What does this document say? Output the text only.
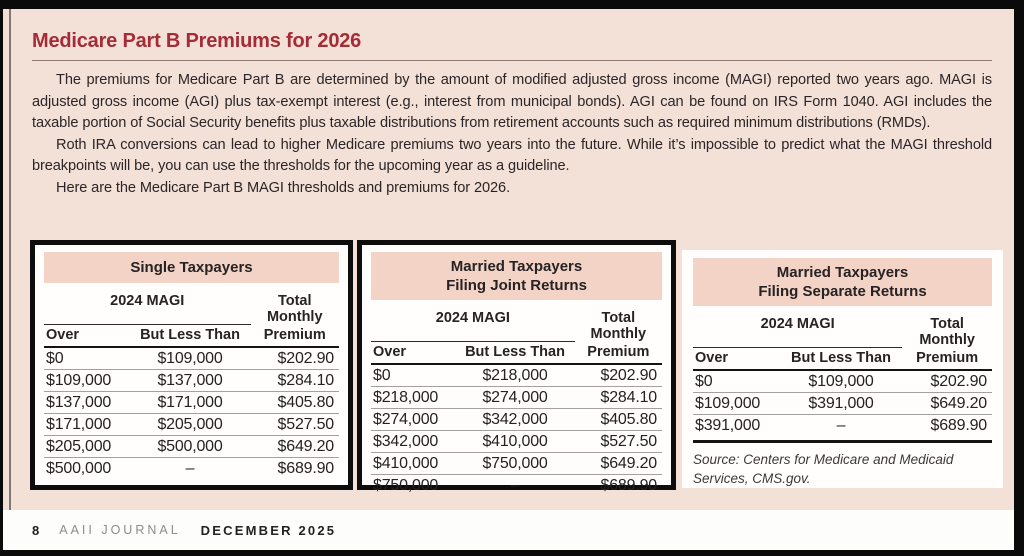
Medicare Part B Premiums for 2026

The premiums for Medicare Part B are determined by the amount of modified adjusted gross income (MAGI) reported two years ago. MAGI is adjusted gross income (AGI) plus tax-exempt interest (e.g., interest from municipal bonds). AGI can be found on IRS Form 1040. AGI includes the taxable portion of Social Security benefits plus taxable distributions from retirement accounts such as required minimum distributions (RMDs).

Roth IRA conversions can lead to higher Medicare premiums two years into the future. While it’s impossible to predict what the MAGI threshold breakpoints will be, you can use the thresholds for the upcoming year as a guideline.

Here are the Medicare Part B MAGI thresholds and premiums for 2026.

Single Taxpayers
2024 MAGI	Total Monthly
Over	But Less Than	Premium
$0	$109,000	$202.90
$109,000	$137,000	$284.10
$137,000	$171,000	$405.80
$171,000	$205,000	$527.50
$205,000	$500,000	$649.20
$500,000	–	$689.90
Married Taxpayers
Filing Joint Returns
2024 MAGI	Total Monthly
Over	But Less Than	Premium
$0	$218,000	$202.90
$218,000	$274,000	$284.10
$274,000	$342,000	$405.80
$342,000	$410,000	$527.50
$410,000	$750,000	$649.20
$750,000	–	$689.90
Married Taxpayers
Filing Separate Returns
2024 MAGI	Total Monthly
Over	But Less Than	Premium
$0	$109,000	$202.90
$109,000	$391,000	$649.20
$391,000	–	$689.90
Source: Centers for Medicare and Medicaid Services, CMS.gov.
8 AAII JOURNAL DECEMBER 2025
